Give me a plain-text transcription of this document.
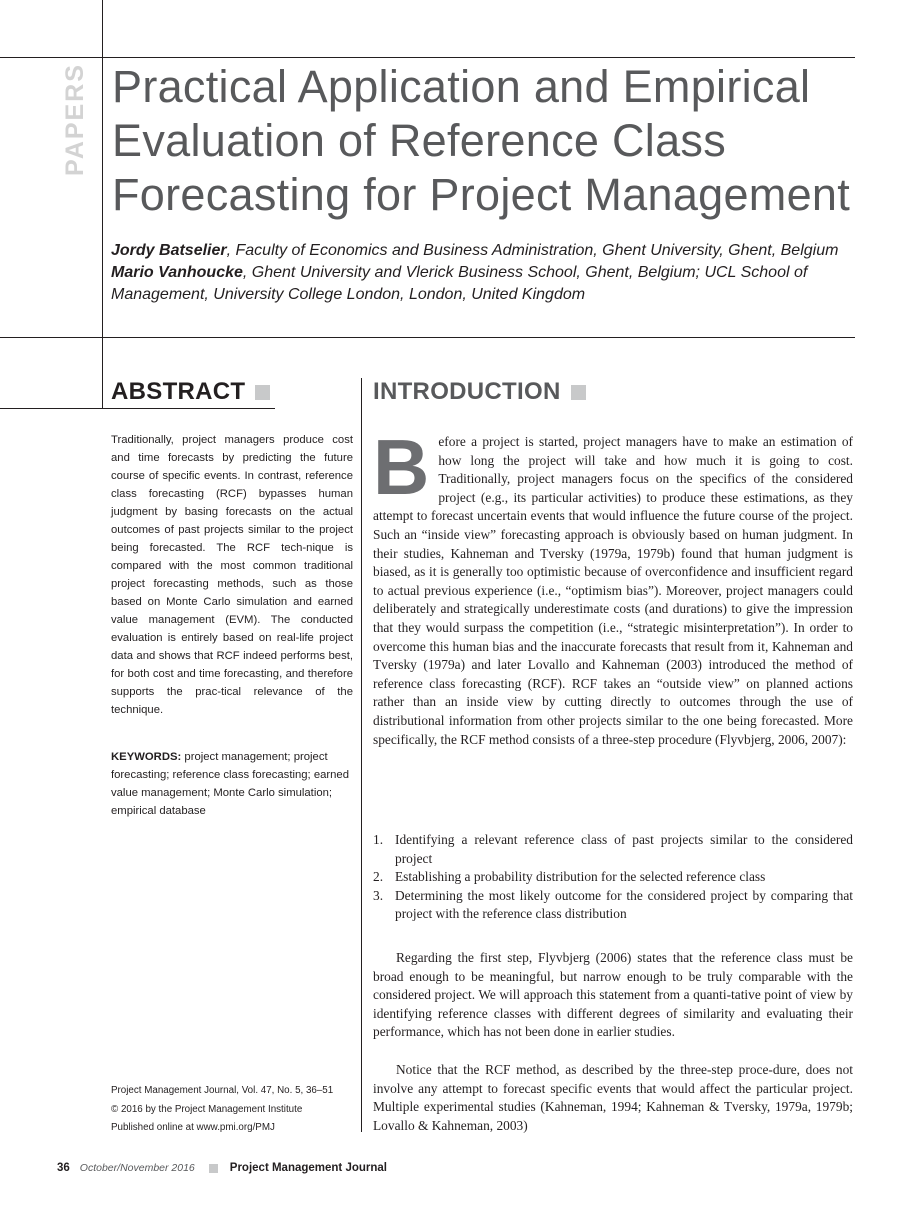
PAPERS Practical Application and Empirical Evaluation of Reference Class Forecasting for Project Management
Jordy Batselier, Faculty of Economics and Business Administration, Ghent University, Ghent, Belgium
Mario Vanhoucke, Ghent University and Vlerick Business School, Ghent, Belgium; UCL School of Management, University College London, London, United Kingdom
ABSTRACT
Traditionally, project managers produce cost and time forecasts by predicting the future course of specific events. In contrast, reference class forecasting (RCF) bypasses human judgment by basing forecasts on the actual outcomes of past projects similar to the project being forecasted. The RCF tech-nique is compared with the most common traditional project forecasting methods, such as those based on Monte Carlo simulation and earned value management (EVM). The conducted evaluation is entirely based on real-life project data and shows that RCF indeed performs best, for both cost and time forecasting, and therefore supports the prac-tical relevance of the technique.
KEYWORDS: project management; project forecasting; reference class forecasting; earned value management; Monte Carlo simulation; empirical database
Project Management Journal, Vol. 47, No. 5, 36–51
© 2016 by the Project Management Institute
Published online at www.pmi.org/PMJ
INTRODUCTION
Before a project is started, project managers have to make an estimation of how long the project will take and how much it is going to cost. Traditionally, project managers focus on the specifics of the considered project (e.g., its particular activities) to produce these estimations, as they attempt to forecast uncertain events that would influence the future course of the project. Such an “inside view” forecasting approach is obviously based on human judgment. In their studies, Kahneman and Tversky (1979a, 1979b) found that human judgment is biased, as it is generally too optimistic because of overconfidence and insufficient regard to actual previous experience (i.e., “optimism bias”). Moreover, project managers could deliberately and strategically underestimate costs (and durations) to give the impression that they would surpass the competition (i.e., “strategic misinterpretation”). In order to overcome this human bias and the inaccurate forecasts that result from it, Kahneman and Tversky (1979a) and later Lovallo and Kahneman (2003) introduced the method of reference class forecasting (RCF). RCF takes an “outside view” on planned actions rather than an inside view by cutting directly to outcomes through the use of distributional information from other projects similar to the one being forecasted. More specifically, the RCF method consists of a three-step procedure (Flyvbjerg, 2006, 2007):
1. Identifying a relevant reference class of past projects similar to the considered project
2. Establishing a probability distribution for the selected reference class
3. Determining the most likely outcome for the considered project by comparing that project with the reference class distribution
Regarding the first step, Flyvbjerg (2006) states that the reference class must be broad enough to be meaningful, but narrow enough to be truly comparable with the considered project. We will approach this statement from a quanti-tative point of view by identifying reference classes with different degrees of similarity and evaluating their performance, which has not been done in earlier studies.
Notice that the RCF method, as described by the three-step proce-dure, does not involve any attempt to forecast specific events that would affect the particular project. Multiple experimental studies (Kahneman, 1994; Kahneman & Tversky, 1979a, 1979b; Lovallo & Kahneman, 2003)
36 October/November 2016	Project Management Journal
